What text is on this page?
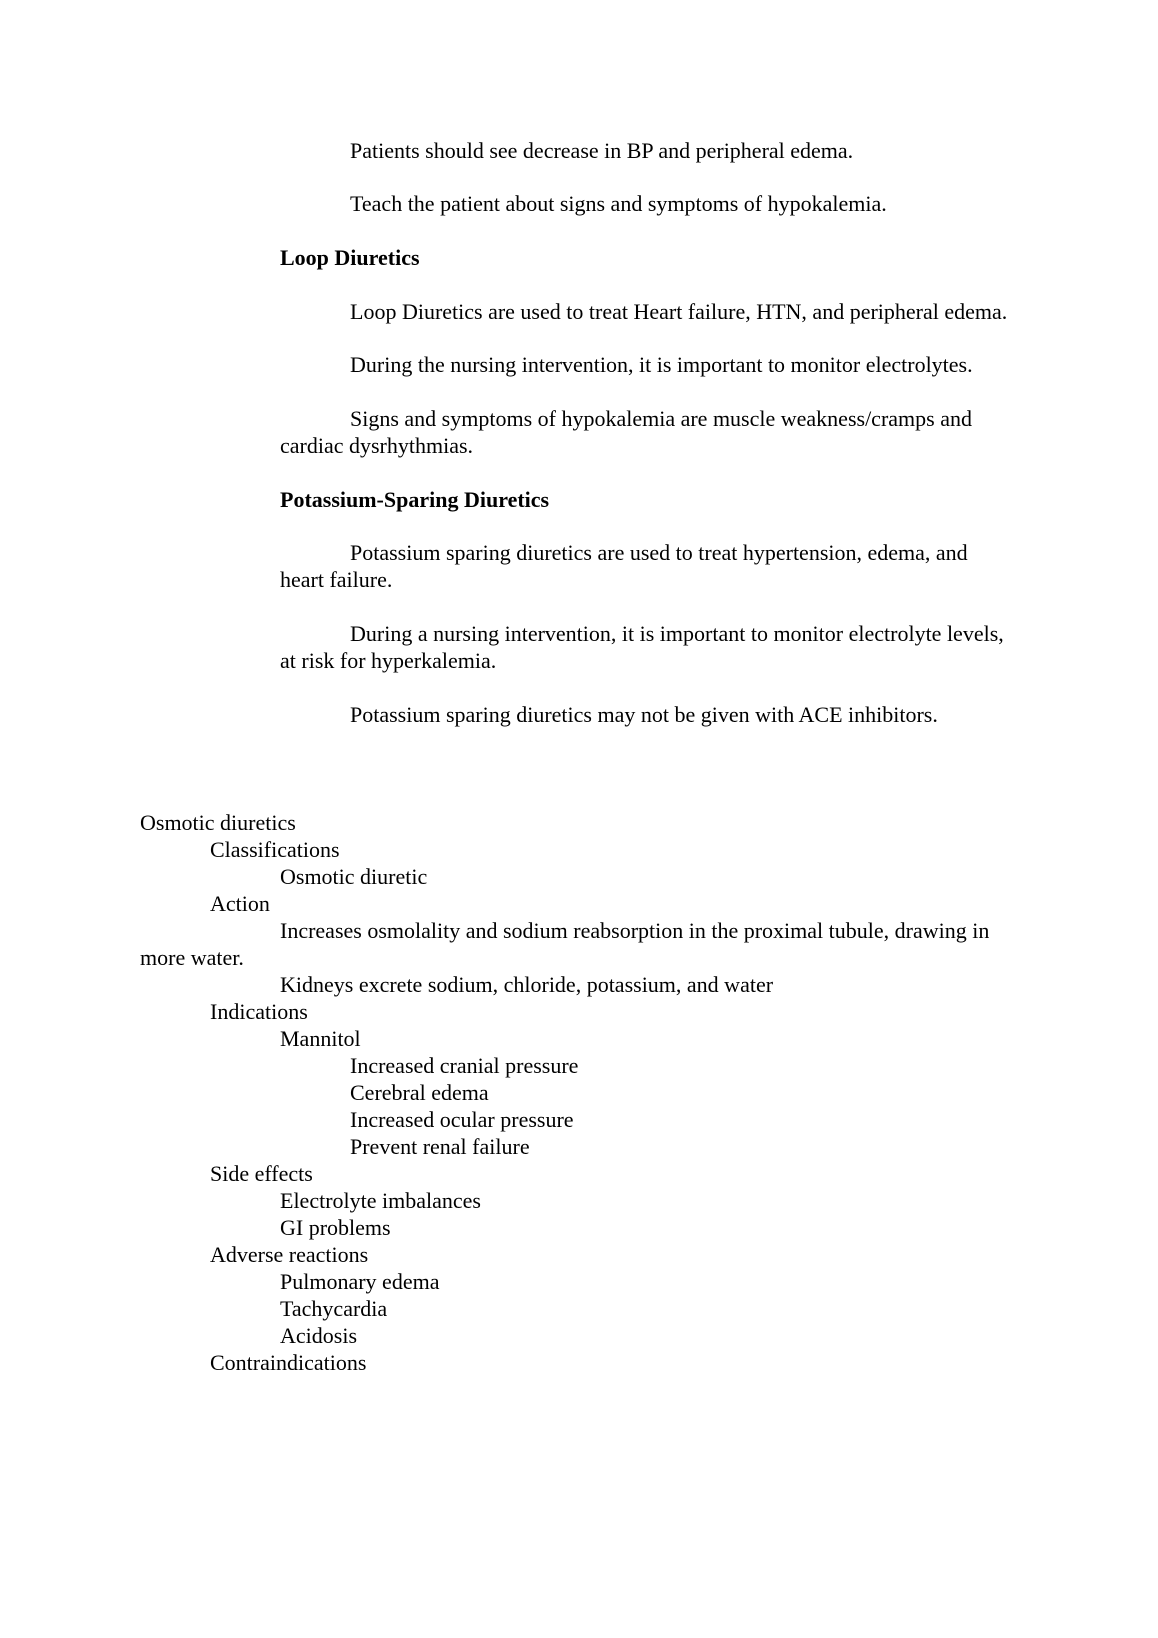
Patients should see decrease in BP and peripheral edema.
Teach the patient about signs and symptoms of hypokalemia.
Loop Diuretics
Loop Diuretics are used to treat Heart failure, HTN, and peripheral edema.
During the nursing intervention, it is important to monitor electrolytes.
Signs and symptoms of hypokalemia are muscle weakness/cramps and
cardiac dysrhythmias.
Potassium-Sparing Diuretics
Potassium sparing diuretics are used to treat hypertension, edema, and
heart failure.
During a nursing intervention, it is important to monitor electrolyte levels,
at risk for hyperkalemia.
Potassium sparing diuretics may not be given with ACE inhibitors.
Osmotic diuretics
Classifications
Osmotic diuretic
Action
Increases osmolality and sodium reabsorption in the proximal tubule, drawing in
more water.
Kidneys excrete sodium, chloride, potassium, and water
Indications
Mannitol
Increased cranial pressure
Cerebral edema
Increased ocular pressure
Prevent renal failure
Side effects
Electrolyte imbalances
GI problems
Adverse reactions
Pulmonary edema
Tachycardia
Acidosis
Contraindications
